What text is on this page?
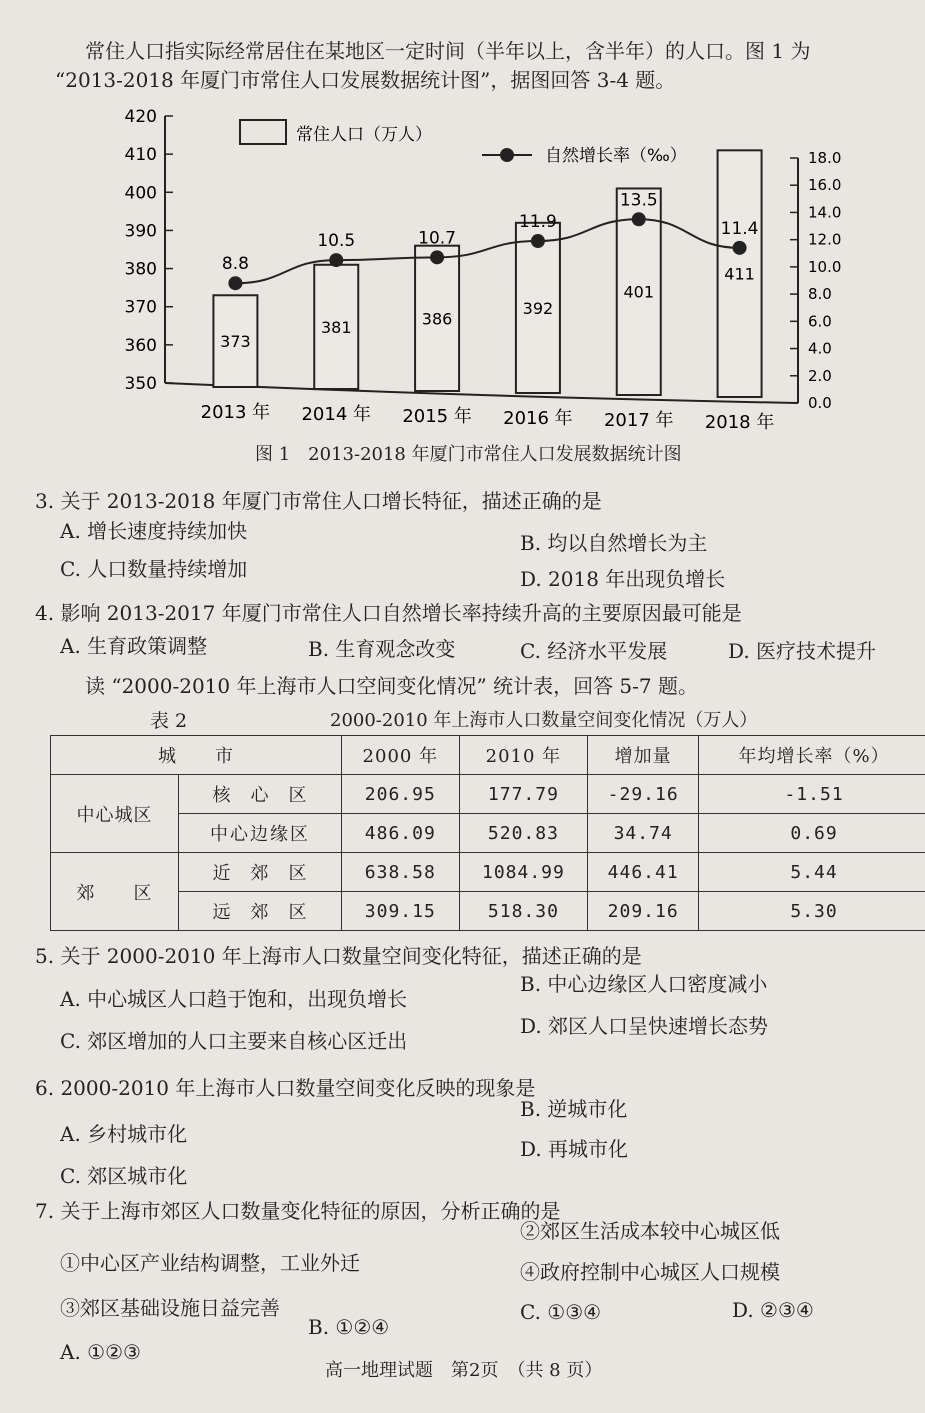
常住人口指实际经常居住在某地区一定时间（半年以上，含半年）的人口。图 1 为
“2013-2018 年厦门市常住人口发展数据统计图”，据图回答 3-4 题。
420
410
400
390
380
370
360
350
18.0
16.0
14.0
12.0
10.0
8.0
6.0
4.0
2.0
0.0
373
381	386
392
401
411
8.8
10.5	10.7
11.9
13.5
11.4
2013 年 2014 年 2015 年 2016 年 2017 年 2018 年
常住人口（万人）
自然增长率（‰）
图 1　2013-2018 年厦门市常住人口发展数据统计图
3. 关于 2013-2018 年厦门市常住人口增长特征，描述正确的是
A. 增长速度持续加快	B. 均以自然增长为主
C. 人口数量持续增加	D. 2018 年出现负增长
4. 影响 2013-2017 年厦门市常住人口自然增长率持续升高的主要原因最可能是
A. 生育政策调整	B. 生育观念改变	C. 经济水平发展	D. 医疗技术提升
读 “2000-2010 年上海市人口空间变化情况” 统计表，回答 5-7 题。
表 2	2000-2010 年上海市人口数量空间变化情况（万人）
城　　市		2000 年	2010 年	增加量	年均增长率（%）
中心城区	核　心　区	206.95	177.79	-29.16	-1.51
	中心边缘区	486.09	520.83	34.74	0.69
郊　　区	近　郊　区	638.58	1084.99	446.41	5.44
	远　郊　区	309.15	518.30	209.16	5.30
5. 关于 2000-2010 年上海市人口数量空间变化特征，描述正确的是
A. 中心城区人口趋于饱和，出现负增长
B. 中心边缘区人口密度减小
C. 郊区增加的人口主要来自核心区迁出
D. 郊区人口呈快速增长态势
6. 2000-2010 年上海市人口数量空间变化反映的现象是
A. 乡村城市化
B. 逆城市化
C. 郊区城市化
D. 再城市化
7. 关于上海市郊区人口数量变化特征的原因，分析正确的是
①中心区产业结构调整，工业外迁
②郊区生活成本较中心城区低
③郊区基础设施日益完善
④政府控制中心城区人口规模
A. ①②③
B. ①②④
C. ①③④	D. ②③④
高一地理试题　第2页　（共 8 页）
